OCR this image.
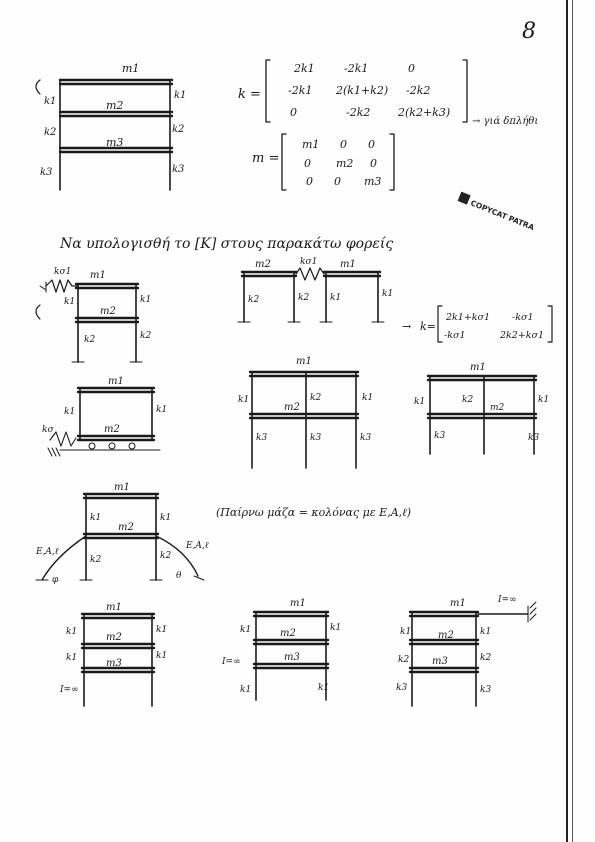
8
m1
m2
m3
k1
k1
k2	k2
k3	k3
k =
2k1	-2k1	0
-2k1 2(k1+k2) -2k2
0	-2k2	2(k2+k3)
→ γιά δπλήθι
m =
m1 0 0
0 m2 0
0 0 m3
COPYCAT PATRA
Να υπολογισθή το [K] στους παρακάτω φορείς
kσ1 m1
m2
k1	k1
k2	k2
m2	kσ1 m1
k2	k2 k1	k1
→ k=
2k1+kσ1 -kσ1
-kσ1	2k2+kσ1
m1
m2
k1	k1
kσ
m1
m2
k1	k2	k1
k3	k3	k3
m1
m2
k1	k2	k1
k3	k3
m1
m2
k1	k1
k2	k2
E,A,ℓ
E,A,ℓ
φ	θ
(Παίρνω μάζα = κολόνας με E,A,ℓ)
m1
m2
m3
k1	k1
k1	k1
I=∞
m1
m2
m3
k1	k1
I=∞
k1	k1
m1
m2
m3
I=∞
k1	k1
k2	k2
k3	k3
